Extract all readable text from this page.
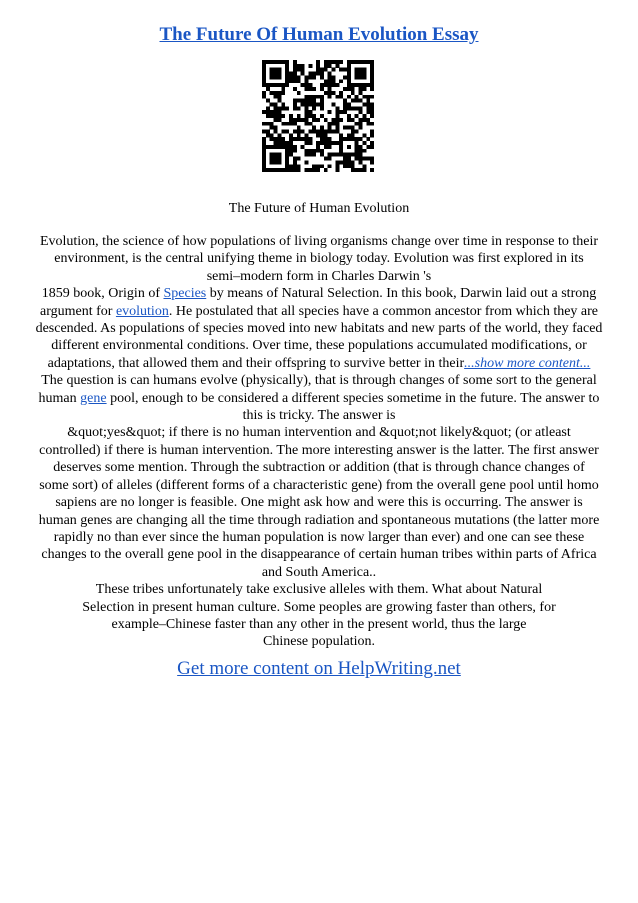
The Future Of Human Evolution Essay
The Future of Human Evolution
Evolution, the science of how populations of living organisms change over time in response to their
environment, is the central unifying theme in biology today. Evolution was first explored in its
semi–modern form in Charles Darwin 's
1859 book, Origin of Species by means of Natural Selection. In this book, Darwin laid out a strong
argument for evolution. He postulated that all species have a common ancestor from which they are
descended. As populations of species moved into new habitats and new parts of the world, they faced
different environmental conditions. Over time, these populations accumulated modifications, or
adaptations, that allowed them and their offspring to survive better in their...show more content...
The question is can humans evolve (physically), that is through changes of some sort to the general
human gene pool, enough to be considered a different species sometime in the future. The answer to
this is tricky. The answer is
&quot;yes&quot; if there is no human intervention and &quot;not likely&quot; (or atleast
controlled) if there is human intervention. The more interesting answer is the latter. The first answer
deserves some mention. Through the subtraction or addition (that is through chance changes of
some sort) of alleles (different forms of a characteristic gene) from the overall gene pool until homo
sapiens are no longer is feasible. One might ask how and were this is occurring. The answer is
human genes are changing all the time through radiation and spontaneous mutations (the latter more
rapidly no than ever since the human population is now larger than ever) and one can see these
changes to the overall gene pool in the disappearance of certain human tribes within parts of Africa
and South America..
These tribes unfortunately take exclusive alleles with them. What about Natural
Selection in present human culture. Some peoples are growing faster than others, for
example–Chinese faster than any other in the present world, thus the large
Chinese population.
Get more content on HelpWriting.net
